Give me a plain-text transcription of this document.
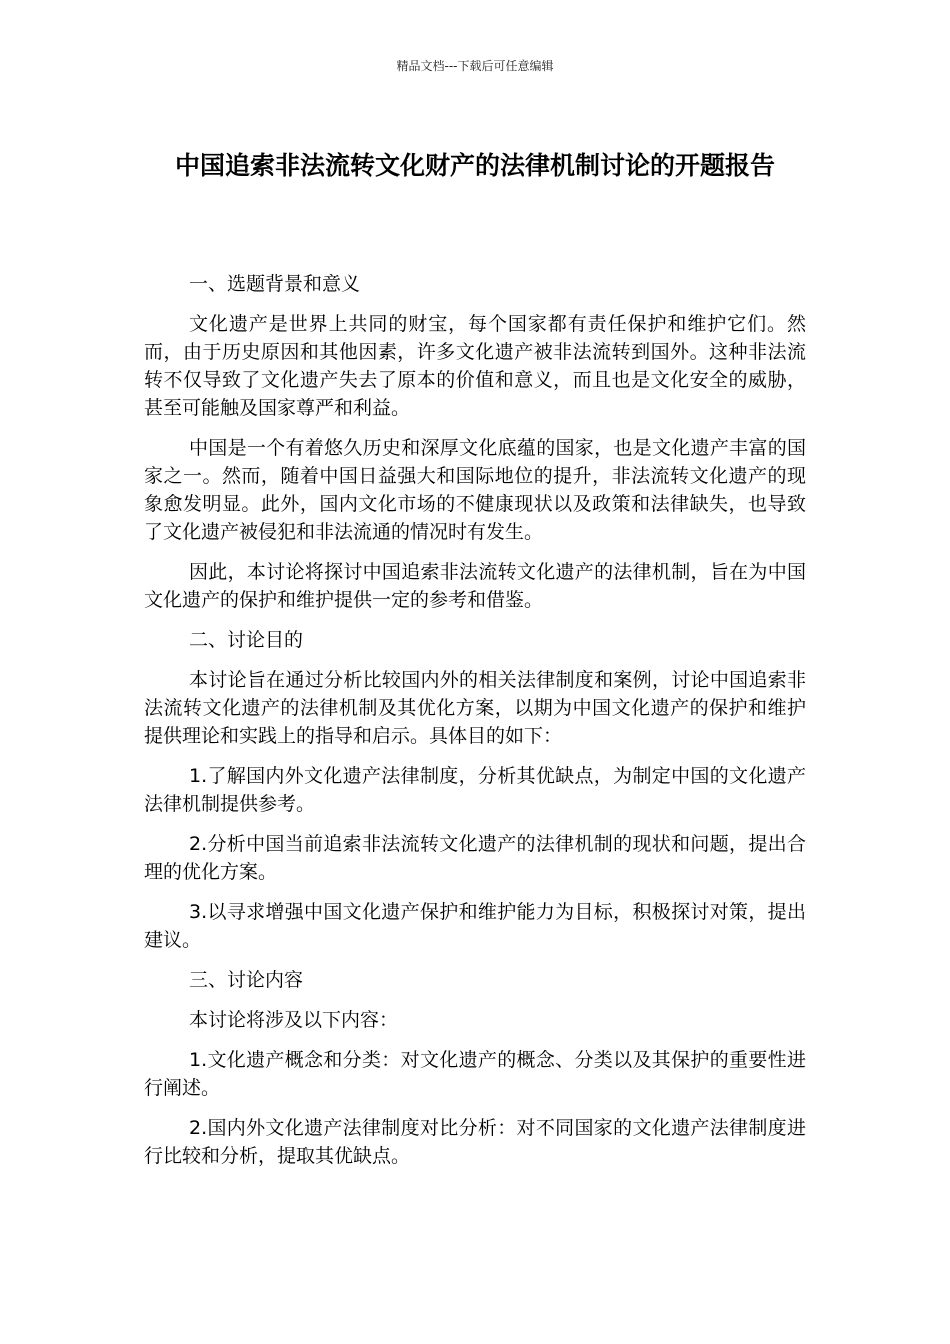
精品文档---下载后可任意编辑
中国追索非法流转文化财产的法律机制讨论的开题报告
一、选题背景和意义

文化遗产是世界上共同的财宝，每个国家都有责任保护和维护它们。然而，由于历史原因和其他因素，许多文化遗产被非法流转到国外。这种非法流转不仅导致了文化遗产失去了原本的价值和意义，而且也是文化安全的威胁，甚至可能触及国家尊严和利益。

中国是一个有着悠久历史和深厚文化底蕴的国家，也是文化遗产丰富的国家之一。然而，随着中国日益强大和国际地位的提升，非法流转文化遗产的现象愈发明显。此外，国内文化市场的不健康现状以及政策和法律缺失，也导致了文化遗产被侵犯和非法流通的情况时有发生。

因此，本讨论将探讨中国追索非法流转文化遗产的法律机制，旨在为中国文化遗产的保护和维护提供一定的参考和借鉴。

二、讨论目的

本讨论旨在通过分析比较国内外的相关法律制度和案例，讨论中国追索非法流转文化遗产的法律机制及其优化方案，以期为中国文化遗产的保护和维护提供理论和实践上的指导和启示。具体目的如下：

1.了解国内外文化遗产法律制度，分析其优缺点，为制定中国的文化遗产法律机制提供参考。

2.分析中国当前追索非法流转文化遗产的法律机制的现状和问题，提出合理的优化方案。

3.以寻求增强中国文化遗产保护和维护能力为目标，积极探讨对策，提出建议。

三、讨论内容

本讨论将涉及以下内容：

1.文化遗产概念和分类：对文化遗产的概念、分类以及其保护的重要性进行阐述。

2.国内外文化遗产法律制度对比分析：对不同国家的文化遗产法律制度进行比较和分析，提取其优缺点。
